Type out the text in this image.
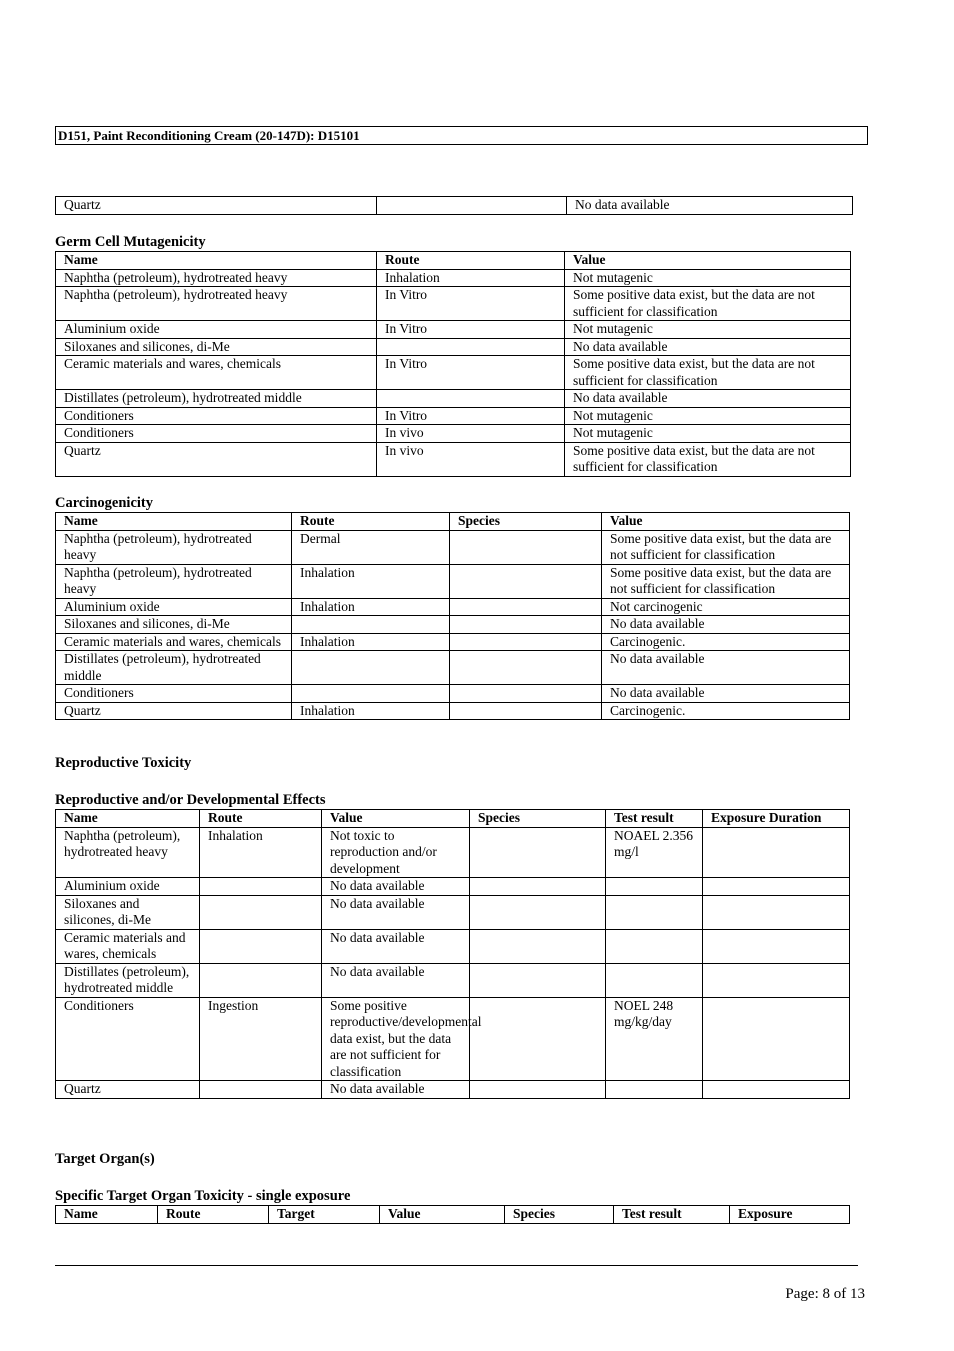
D151, Paint Reconditioning Cream (20-147D): D15101
Quartz		No data available
Germ Cell Mutagenicity
Name	Route	Value
Naphtha (petroleum), hydrotreated heavy	Inhalation	Not mutagenic
Naphtha (petroleum), hydrotreated heavy	In Vitro	Some positive data exist, but the data are not sufficient for classification
Aluminium oxide	In Vitro	Not mutagenic
Siloxanes and silicones, di-Me		No data available
Ceramic materials and wares, chemicals	In Vitro	Some positive data exist, but the data are not sufficient for classification
Distillates (petroleum), hydrotreated middle		No data available
Conditioners	In Vitro	Not mutagenic
Conditioners	In vivo	Not mutagenic
Quartz	In vivo	Some positive data exist, but the data are not sufficient for classification
Carcinogenicity
Name	Route	Species	Value
Naphtha (petroleum), hydrotreated heavy	Dermal		Some positive data exist, but the data are not sufficient for classification
Naphtha (petroleum), hydrotreated heavy	Inhalation		Some positive data exist, but the data are not sufficient for classification
Aluminium oxide	Inhalation		Not carcinogenic
Siloxanes and silicones, di-Me			No data available
Ceramic materials and wares, chemicals	Inhalation		Carcinogenic.
Distillates (petroleum), hydrotreated middle			No data available
Conditioners			No data available
Quartz	Inhalation		Carcinogenic.
Reproductive Toxicity
Reproductive and/or Developmental Effects
Name	Route	Value	Species	Test result	Exposure Duration
Naphtha (petroleum), hydrotreated heavy	Inhalation	Not toxic to reproduction and/or development		NOAEL 2.356 mg/l	
Aluminium oxide		No data available			
Siloxanes and silicones, di-Me		No data available			
Ceramic materials and wares, chemicals		No data available			
Distillates (petroleum), hydrotreated middle		No data available			
Conditioners	Ingestion	Some positive reproductive/developmental data exist, but the data are not sufficient for classification		NOEL 248 mg/kg/day	
Quartz		No data available			
Target Organ(s)
Specific Target Organ Toxicity - single exposure
Name	Route	Target	Value	Species	Test result	Exposure
Page: 8 of 13
